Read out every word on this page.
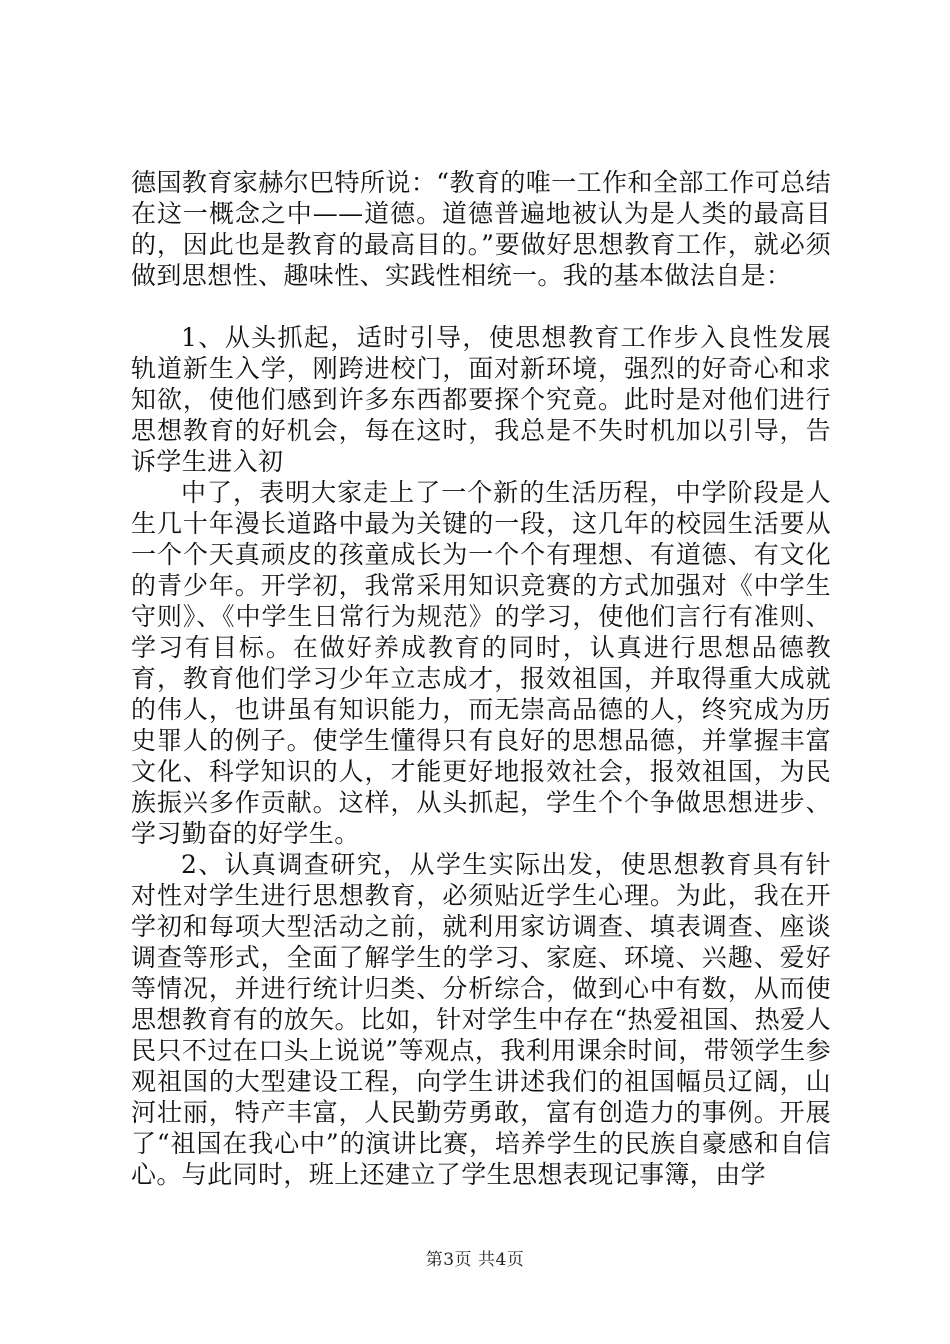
德国教育家赫尔巴特所说：“教育的唯一工作和全部工作可总结在这一概念之中——道德。道德普遍地被认为是人类的最高目的，因此也是教育的最高目的。”要做好思想教育工作，就必须做到思想性、趣味性、实践性相统一。我的基本做法自是：

1、从头抓起，适时引导，使思想教育工作步入良性发展轨道新生入学，刚跨进校门，面对新环境，强烈的好奇心和求知欲，使他们感到许多东西都要探个究竟。此时是对他们进行思想教育的好机会，每在这时，我总是不失时机加以引导，告诉学生进入初

中了，表明大家走上了一个新的生活历程，中学阶段是人生几十年漫长道路中最为关键的一段，这几年的校园生活要从一个个天真顽皮的孩童成长为一个个有理想、有道德、有文化的青少年。开学初，我常采用知识竞赛的方式加强对《中学生守则》、《中学生日常行为规范》的学习，使他们言行有准则、学习有目标。在做好养成教育的同时，认真进行思想品德教育，教育他们学习少年立志成才，报效祖国，并取得重大成就的伟人，也讲虽有知识能力，而无崇高品德的人，终究成为历史罪人的例子。使学生懂得只有良好的思想品德，并掌握丰富文化、科学知识的人，才能更好地报效社会，报效祖国，为民族振兴多作贡献。这样，从头抓起，学生个个争做思想进步、学习勤奋的好学生。

2、认真调查研究，从学生实际出发，使思想教育具有针对性对学生进行思想教育，必须贴近学生心理。为此，我在开学初和每项大型活动之前，就利用家访调查、填表调查、座谈调查等形式，全面了解学生的学习、家庭、环境、兴趣、爱好等情况，并进行统计归类、分析综合，做到心中有数，从而使思想教育有的放矢。比如，针对学生中存在“热爱祖国、热爱人民只不过在口头上说说”等观点，我利用课余时间，带领学生参观祖国的大型建设工程，向学生讲述我们的祖国幅员辽阔，山河壮丽，特产丰富，人民勤劳勇敢，富有创造力的事例。开展了“祖国在我心中”的演讲比赛，培养学生的民族自豪感和自信心。与此同时，班上还建立了学生思想表现记事簿，由学

第3页 共4页
